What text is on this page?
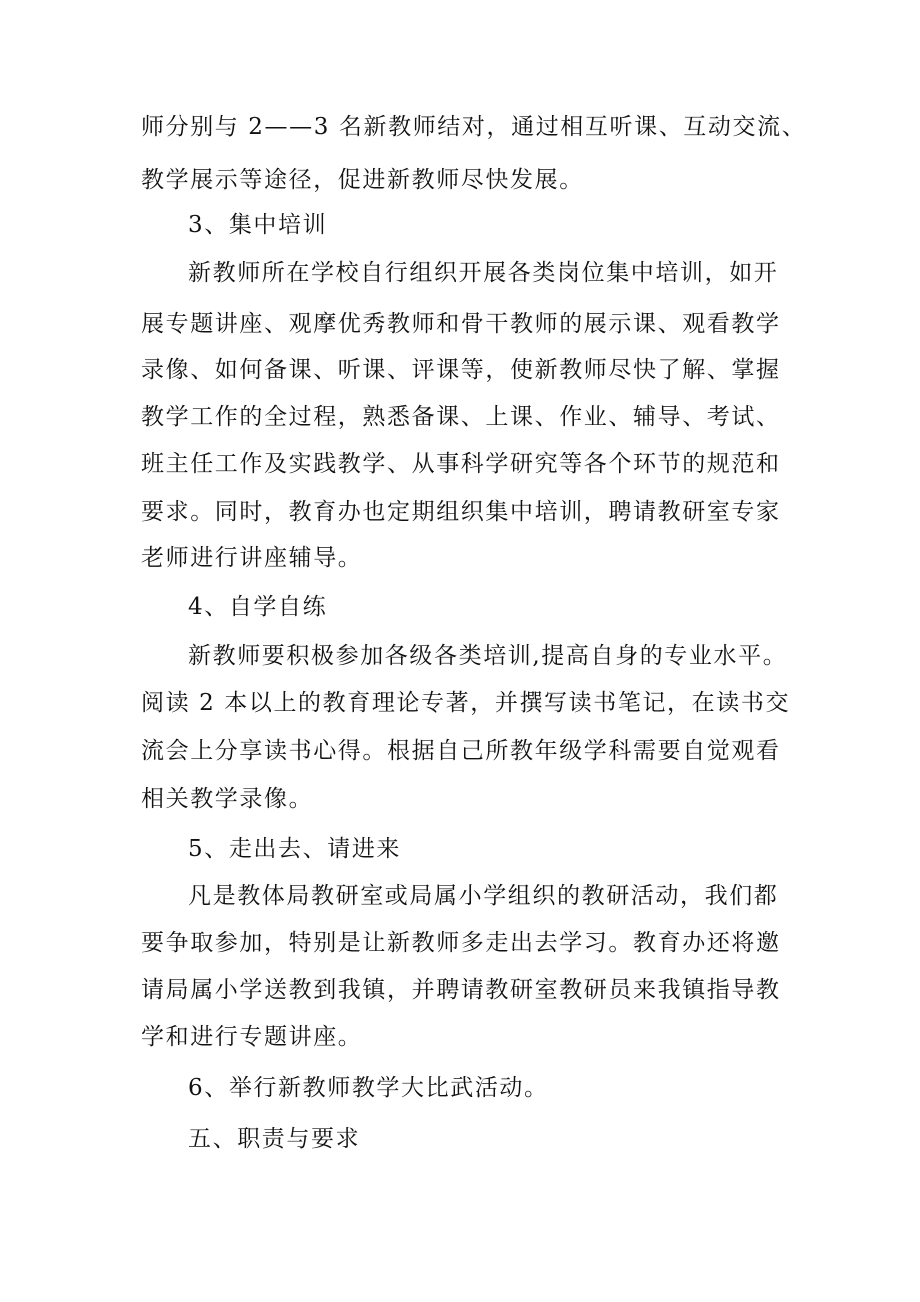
师分别与 2——3 名新教师结对，通过相互听课、互动交流、
教学展示等途径，促进新教师尽快发展。
3、集中培训
新教师所在学校自行组织开展各类岗位集中培训，如开
展专题讲座、观摩优秀教师和骨干教师的展示课、观看教学
录像、如何备课、听课、评课等，使新教师尽快了解、掌握
教学工作的全过程，熟悉备课、上课、作业、辅导、考试、
班主任工作及实践教学、从事科学研究等各个环节的规范和
要求。同时，教育办也定期组织集中培训，聘请教研室专家
老师进行讲座辅导。
4、自学自练
新教师要积极参加各级各类培训,提高自身的专业水平。
阅读 2 本以上的教育理论专著，并撰写读书笔记，在读书交
流会上分享读书心得。根据自己所教年级学科需要自觉观看
相关教学录像。
5、走出去、请进来
凡是教体局教研室或局属小学组织的教研活动，我们都
要争取参加，特别是让新教师多走出去学习。教育办还将邀
请局属小学送教到我镇，并聘请教研室教研员来我镇指导教
学和进行专题讲座。
6、举行新教师教学大比武活动。
五、职责与要求
